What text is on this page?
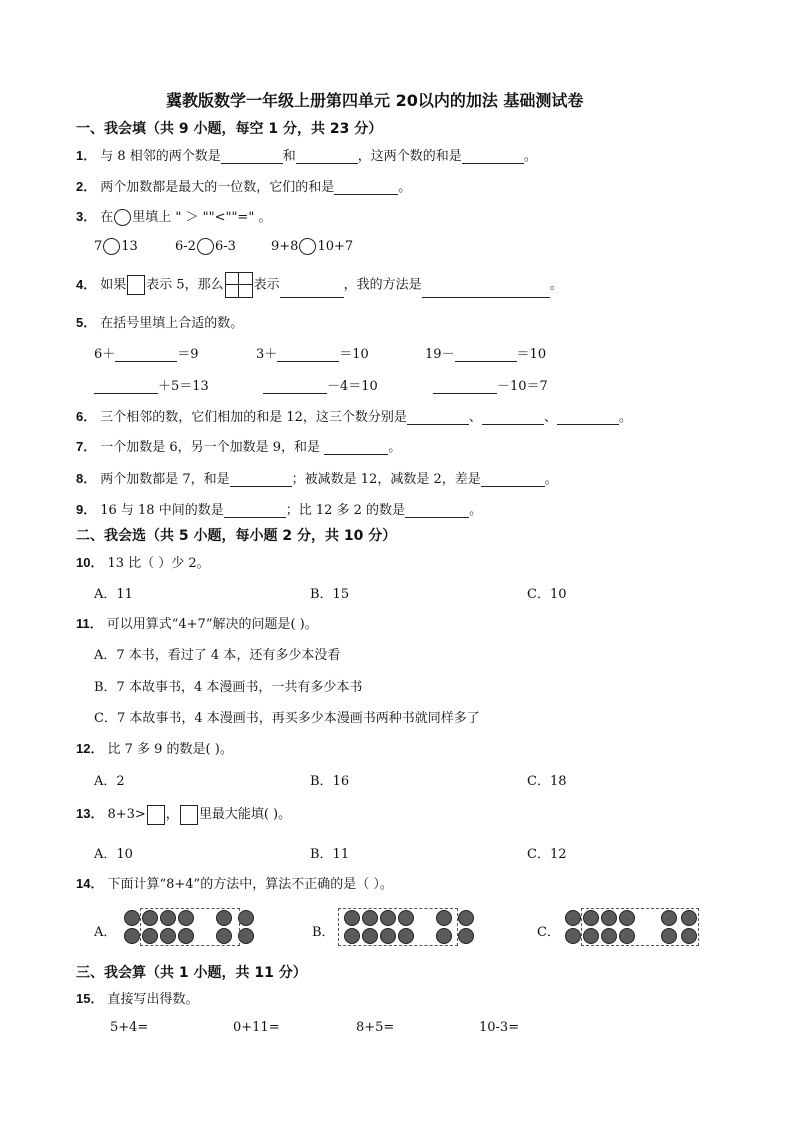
冀教版数学一年级上册第四单元 20以内的加法 基础测试卷
一、我会填（共 9 小题，每空 1 分，共 23 分）
1． 与 8 相邻的两个数是	和	，这两个数的和是	。
2． 两个加数都是最大的一位数，它们的和是	。
3． 在 里填上 " ＞ ""<""=" 。
7 13	6-2 6-3	9+8 10+7
4． 如果 表示 5，那么 表示	，我的方法是	。
5． 在括号里填上合适的数。
6＋	＝9	3＋	＝10	19－	＝10
＋5＝13	－4＝10	－10＝7
6． 三个相邻的数，它们相加的和是 12，这三个数分别是	、	、	。
7． 一个加数是 6，另一个加数是 9，和是	。
8． 两个加数都是 7，和是	；被减数是 12，减数是 2，差是	。
9． 16 与 18 中间的数是	；比 12 多 2 的数是	。
二、我会选（共 5 小题，每小题 2 分，共 10 分）
10． 13 比（ ）少 2。
A．11	B．15	C．10
11． 可以用算式“4+7”解决的问题是( )。
A．7 本书，看过了 4 本，还有多少本没看
B．7 本故事书，4 本漫画书，一共有多少本书
C．7 本故事书，4 本漫画书，再买多少本漫画书两种书就同样多了
12． 比 7 多 9 的数是( )。
A．2	B．16	C．18
13． 8+3> ， 里最大能填( )。
A．10	B．11	C．12
14． 下面计算“8+4”的方法中，算法不正确的是（ ）。
A．	B．	C．
三、我会算（共 1 小题，共 11 分）
15． 直接写出得数。
5+4=	0+11=	8+5=	10-3=
